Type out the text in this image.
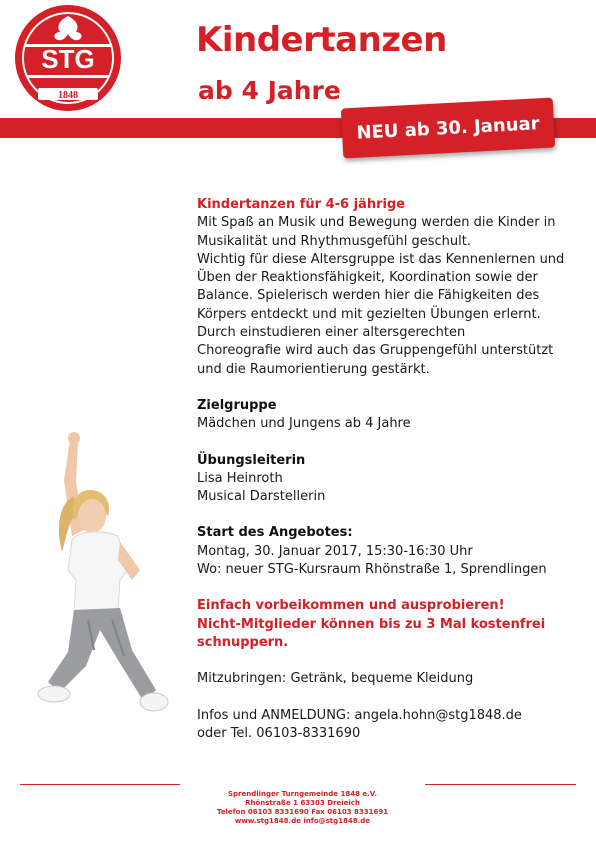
STG
1848
Kindertanzen
ab 4 Jahre
NEU ab 30. Januar

Kindertanzen für 4-6 jährige

Mit Spaß an Musik und Bewegung werden die Kinder in

Musikalität und Rhythmusgefühl geschult.

Wichtig für diese Altersgruppe ist das Kennenlernen und

Üben der Reaktionsfähigkeit, Koordination sowie der

Balance. Spielerisch werden hier die Fähigkeiten des

Körpers entdeckt und mit gezielten Übungen erlernt.

Durch einstudieren einer altersgerechten

Choreografie wird auch das Gruppengefühl unterstützt

und die Raumorientierung gestärkt.

Zielgruppe

Mädchen und Jungens ab 4 Jahre

Übungsleiterin

Lisa Heinroth

Musical Darstellerin

Start des Angebotes:

Montag, 30. Januar 2017, 15:30-16:30 Uhr

Wo: neuer STG-Kursraum Rhönstraße 1, Sprendlingen

Einfach vorbeikommen und ausprobieren!

Nicht-Mitglieder können bis zu 3 Mal kostenfrei

schnuppern.

Mitzubringen: Getränk, bequeme Kleidung

Infos und ANMELDUNG: angela.hohn@stg1848.de

oder Tel. 06103-8331690

Sprendlinger Turngemeinde 1848 e.V.
Rhönstraße 1 63303 Dreieich
Telefon 06103 8331690 Fax 06103 8331691
www.stg1848.de info@stg1848.de
